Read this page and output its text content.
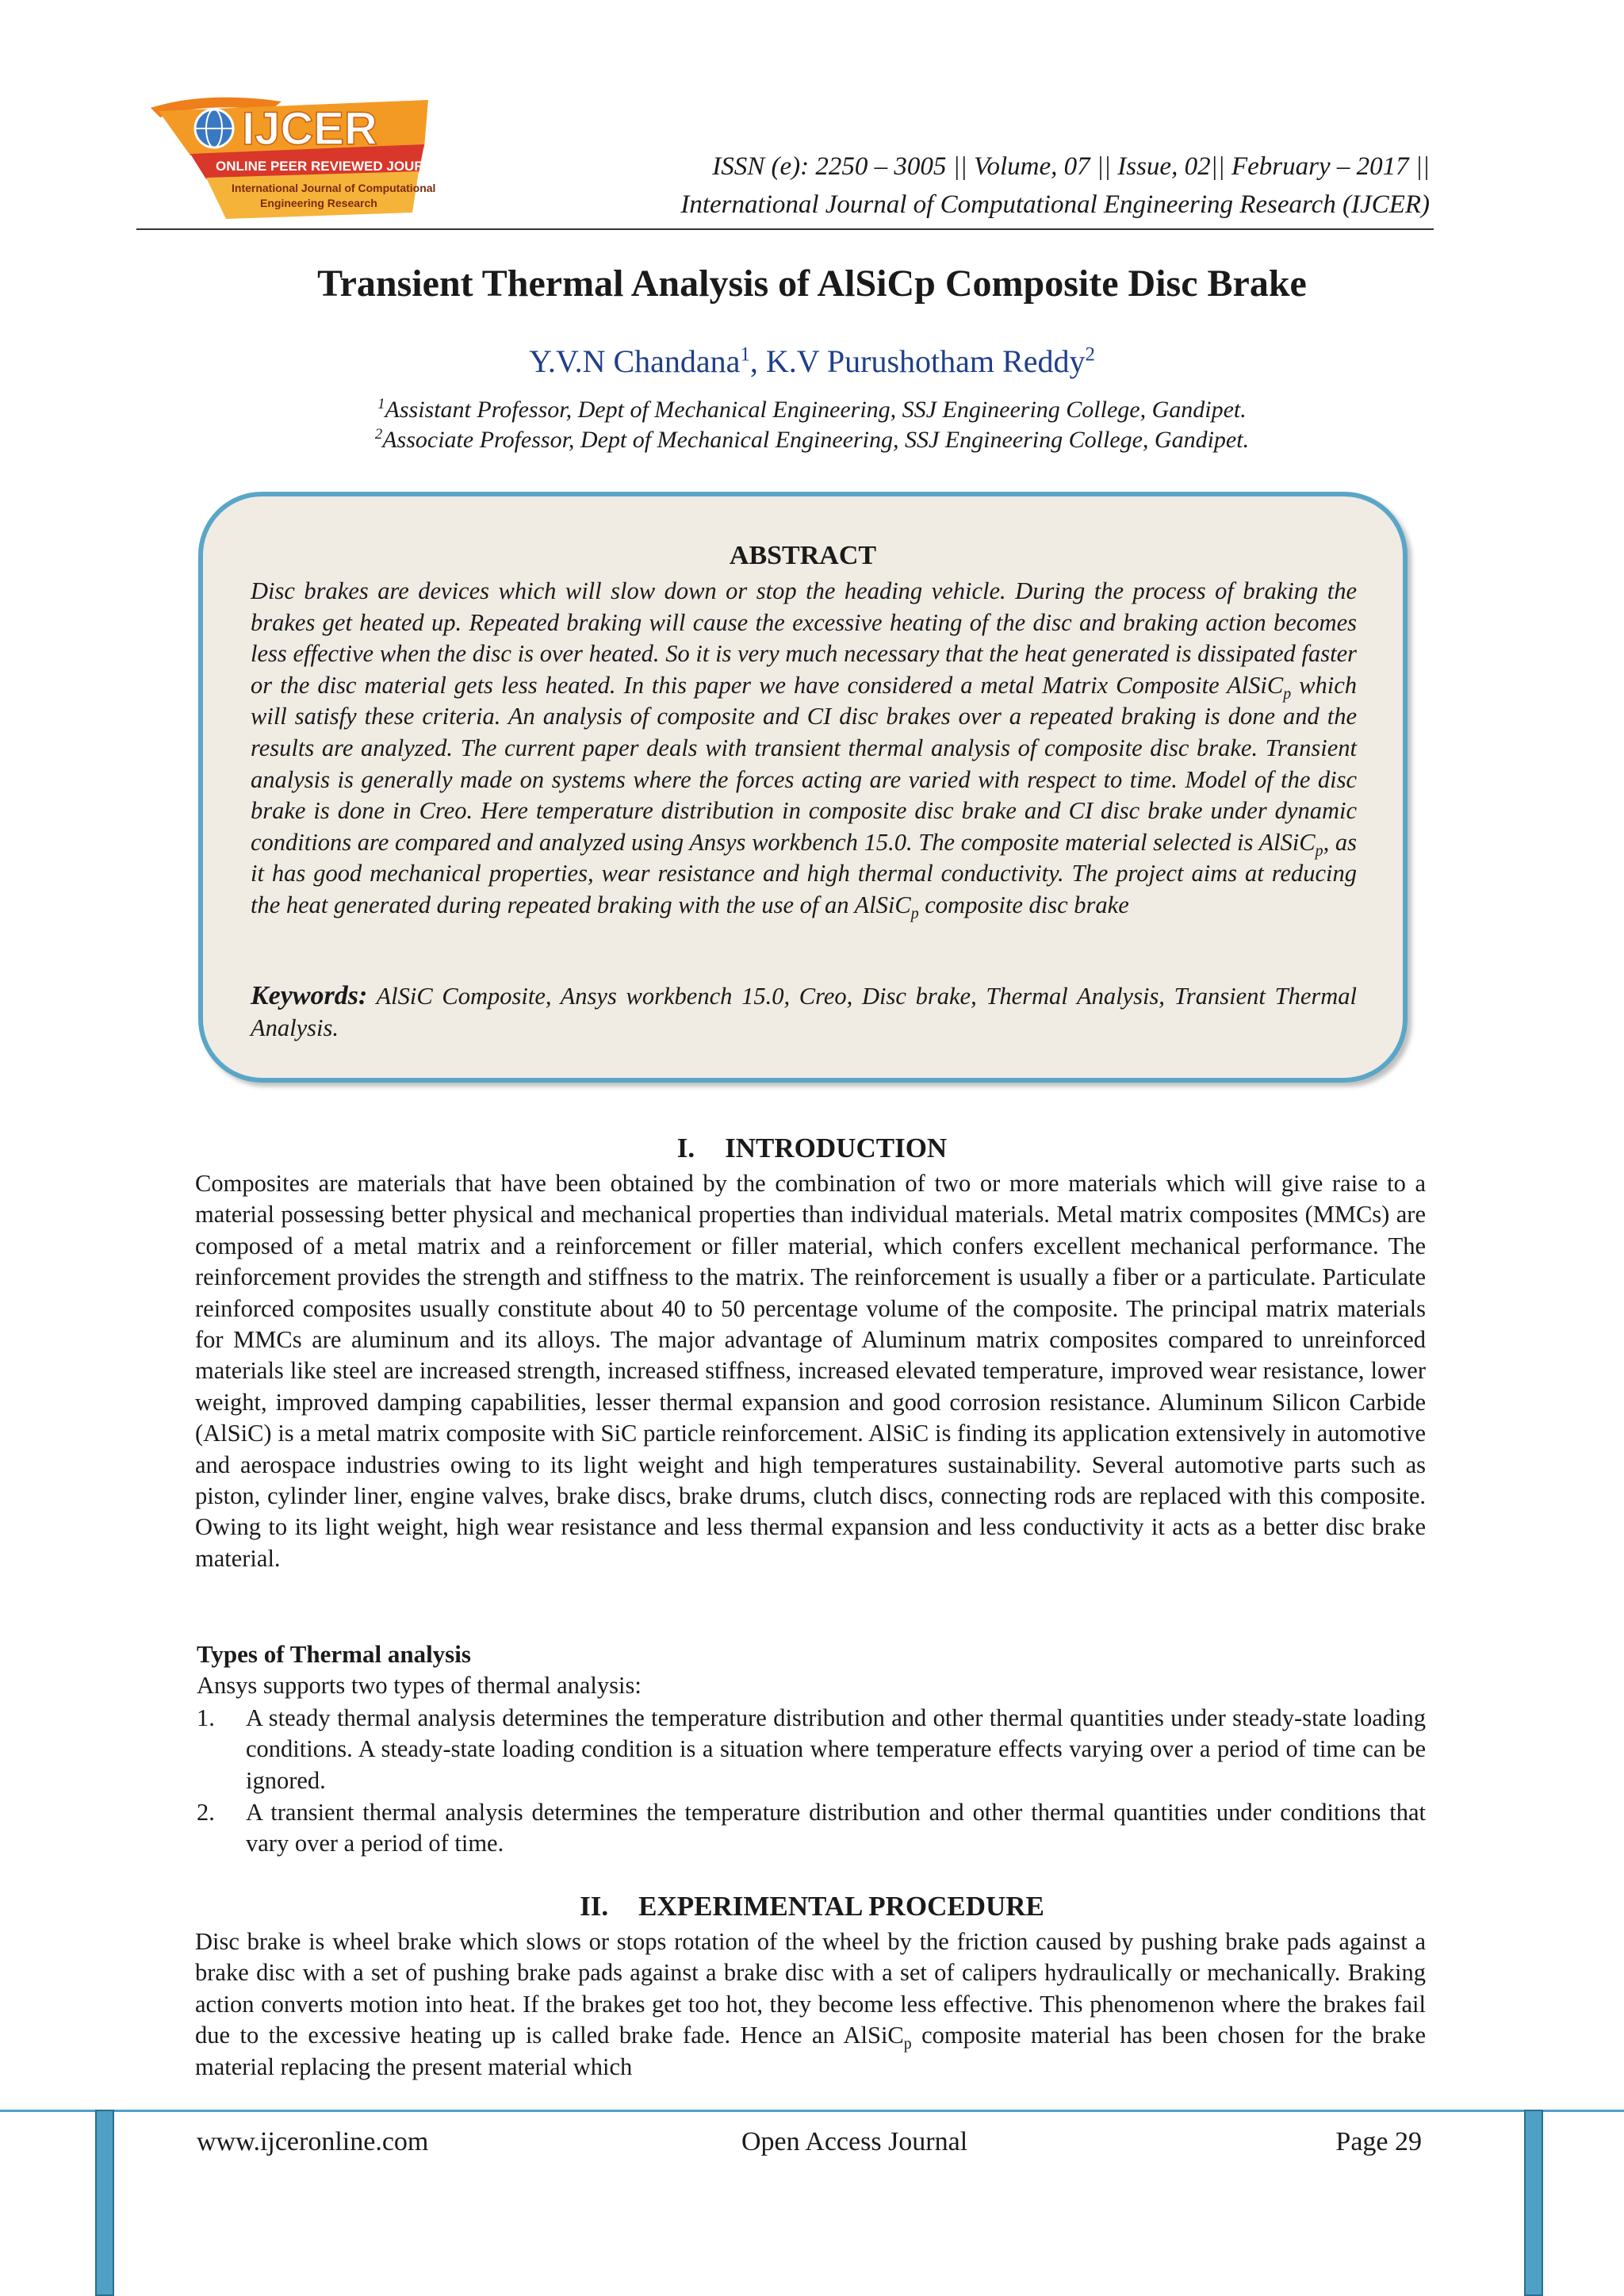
IJCER
ONLINE PEER REVIEWED JOURNAL
International Journal of Computational
Engineering Research
ISSN (e): 2250 – 3005 || Volume, 07 || Issue, 02|| February – 2017 ||
International Journal of Computational Engineering Research (IJCER)
Transient Thermal Analysis of AlSiCp Composite Disc Brake
Y.V.N Chandana$^1$, K.V Purushotham Reddy$^2$
$^1$Assistant Professor, Dept of Mechanical Engineering, SSJ Engineering College, Gandipet.
$^2$Associate Professor, Dept of Mechanical Engineering, SSJ Engineering College, Gandipet.
ABSTRACT
Disc brakes are devices which will slow down or stop the heading vehicle. During the process of braking the brakes get heated up. Repeated braking will cause the excessive heating of the disc and braking action becomes less effective when the disc is over heated. So it is very much necessary that the heat generated is dissipated faster or the disc material gets less heated. In this paper we have considered a metal Matrix Composite AlSiC$_p$ which will satisfy these criteria. An analysis of composite and CI disc brakes over a repeated braking is done and the results are analyzed. The current paper deals with transient thermal analysis of composite disc brake. Transient analysis is generally made on systems where the forces acting are varied with respect to time. Model of the disc brake is done in Creo. Here temperature distribution in composite disc brake and CI disc brake under dynamic conditions are compared and analyzed using Ansys workbench 15.0. The composite material selected is AlSiC$_p$, as it has good mechanical properties, wear resistance and high thermal conductivity. The project aims at reducing the heat generated during repeated braking with the use of an AlSiC$_p$ composite disc brake
Keywords: AlSiC Composite, Ansys workbench 15.0, Creo, Disc brake, Thermal Analysis, Transient Thermal Analysis.
I. INTRODUCTION
Composites are materials that have been obtained by the combination of two or more materials which will give raise to a material possessing better physical and mechanical properties than individual materials. Metal matrix composites (MMCs) are composed of a metal matrix and a reinforcement or filler material, which confers excellent mechanical performance. The reinforcement provides the strength and stiffness to the matrix. The reinforcement is usually a fiber or a particulate. Particulate reinforced composites usually constitute about 40 to 50 percentage volume of the composite. The principal matrix materials for MMCs are aluminum and its alloys. The major advantage of Aluminum matrix composites compared to unreinforced materials like steel are increased strength, increased stiffness, increased elevated temperature, improved wear resistance, lower weight, improved damping capabilities, lesser thermal expansion and good corrosion resistance. Aluminum Silicon Carbide (AlSiC) is a metal matrix composite with SiC particle reinforcement. AlSiC is finding its application extensively in automotive and aerospace industries owing to its light weight and high temperatures sustainability. Several automotive parts such as piston, cylinder liner, engine valves, brake discs, brake drums, clutch discs, connecting rods are replaced with this composite. Owing to its light weight, high wear resistance and less thermal expansion and less conductivity it acts as a better disc brake material.
Types of Thermal analysis
Ansys supports two types of thermal analysis:
1. A steady thermal analysis determines the temperature distribution and other thermal quantities under steady-state loading conditions. A steady-state loading condition is a situation where temperature effects varying over a period of time can be ignored.
2. A transient thermal analysis determines the temperature distribution and other thermal quantities under conditions that vary over a period of time.
II. EXPERIMENTAL PROCEDURE
Disc brake is wheel brake which slows or stops rotation of the wheel by the friction caused by pushing brake pads against a brake disc with a set of pushing brake pads against a brake disc with a set of calipers hydraulically or mechanically. Braking action converts motion into heat. If the brakes get too hot, they become less effective. This phenomenon where the brakes fail due to the excessive heating up is called brake fade. Hence an AlSiC$_p$ composite material has been chosen for the brake material replacing the present material which
www.ijceronline.com	Open Access Journal	Page 29
